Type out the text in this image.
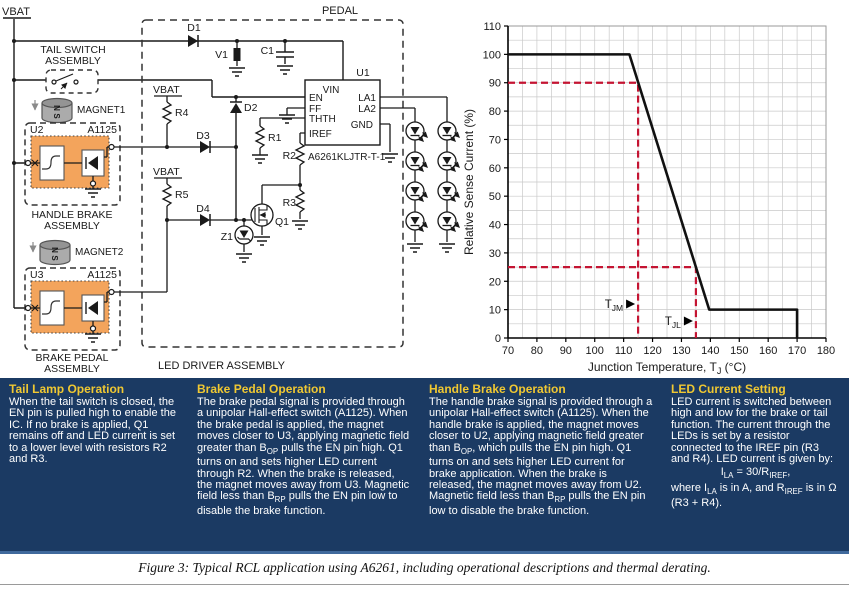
VBAT	PEDAL
LED DRIVER ASSEMBLY
TAIL SWITCH
ASSEMBLY
N
S MAGNET1
U2	A1125
HANDLE BRAKE
ASSEMBLY
N
S MAGNET2
U3	A1125
BRAKE PEDAL
ASSEMBLY
D1
V1	C1
U1
VIN
EN
FF
THTH
IREF
LA1
LA2
GND
A6261KLJTR-T-1
D2
R1
R2
R3
Q1
Z1
VBAT
R4
D3
VBAT
R5
D4
70 80 90 100 110 120 130 140 150 160 170 180
0
10
20
30
40
50
60
70
80
90
100
110
$T_{JM}$
$T_{JL}$
Junction Temperature, $T_J$ (°C)
Relative Sense Current (%)
Tail Lamp Operation

When the tail switch is closed, the EN pin is pulled high to enable the IC. If no brake is applied, Q1 remains off and LED current is set to a lower level with resistors R2 and R3.

Brake Pedal Operation

The brake pedal signal is provided through a unipolar Hall-effect switch (A1125). When the brake pedal is applied, the magnet moves closer to U3, applying magnetic field greater than $B_{OP}$ pulls the EN pin high. Q1 turns on and sets higher LED current through R2. When the brake is released, the magnet moves away from U3. Magnetic field less than $B_{RP}$ pulls the EN pin low to disable the brake function.

Handle Brake Operation

The handle brake signal is provided through a unipolar Hall-effect switch (A1125). When the handle brake is applied, the magnet moves closer to U2, applying magnetic field greater than $B_{OP}$, which pulls the EN pin high. Q1 turns on and sets higher LED current for brake application. When the brake is released, the magnet moves away from U2. Magnetic field less than $B_{RP}$ pulls the EN pin low to disable the brake function.

LED Current Setting

LED current is switched between high and low for the brake or tail function. The current through the LEDs is set by a resistor connected to the IREF pin (R3 and R4). LED current is given by:
$I_{LA} = 30/R_{IREF}$,
where $I_{LA}$ is in A, and $R_{IREF}$ is in Ω (R3 + R4).

Figure 3: Typical RCL application using A6261, including operational descriptions and thermal derating.
